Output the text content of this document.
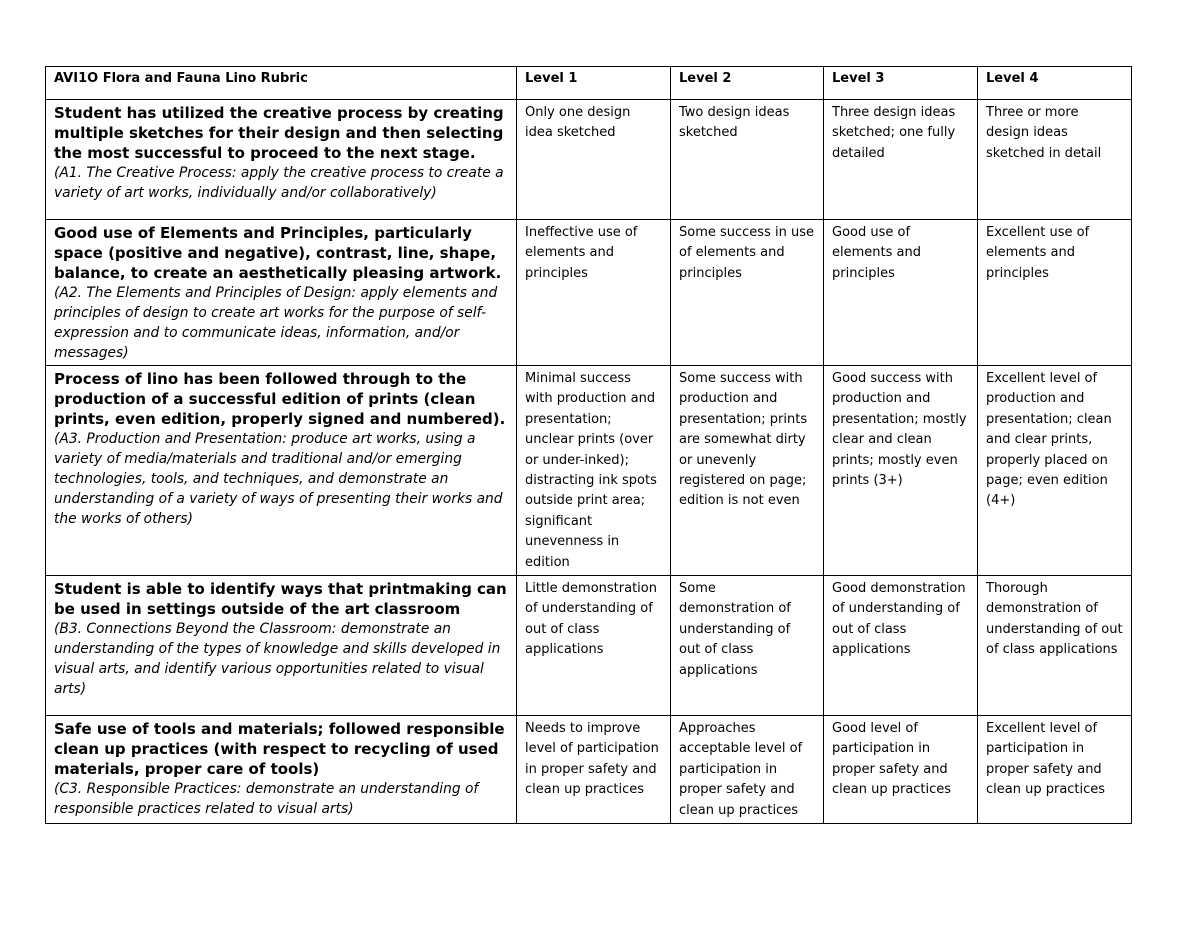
AVI1O Flora and Fauna Lino Rubric	Level 1	Level 2	Level 3	Level 4

Student has utilized the creative process by creating multiple sketches for their design and then selecting the most successful to proceed to the next stage.
(A1. The Creative Process: apply the creative process to create a variety of art works, individually and/or collaboratively)	Only one design idea sketched	Two design ideas sketched	Three design ideas sketched; one fully detailed	Three or more design ideas sketched in detail

Good use of Elements and Principles, particularly space (positive and negative), contrast, line, shape, balance, to create an aesthetically pleasing artwork.
(A2. The Elements and Principles of Design: apply elements and principles of design to create art works for the purpose of self-expression and to communicate ideas, information, and/or messages)	Ineffective use of elements and principles	Some success in use of elements and principles	Good use of elements and principles	Excellent use of elements and principles

Process of lino has been followed through to the production of a successful edition of prints (clean prints, even edition, properly signed and numbered).
(A3. Production and Presentation: produce art works, using a variety of media/materials and traditional and/or emerging technologies, tools, and techniques, and demonstrate an understanding of a variety of ways of presenting their works and the works of others)	Minimal success with production and presentation; unclear prints (over or under-inked); distracting ink spots outside print area; significant unevenness in edition	Some success with production and presentation; prints are somewhat dirty or unevenly registered on page; edition is not even	Good success with production and presentation; mostly clear and clean prints; mostly even prints (3+)	Excellent level of production and presentation; clean and clear prints, properly placed on page; even edition (4+)

Student is able to identify ways that printmaking can be used in settings outside of the art classroom
(B3. Connections Beyond the Classroom: demonstrate an understanding of the types of knowledge and skills developed in visual arts, and identify various opportunities related to visual arts)	Little demonstration of understanding of out of class applications	Some demonstration of understanding of out of class applications	Good demonstration of understanding of out of class applications	Thorough demonstration of understanding of out of class applications

Safe use of tools and materials; followed responsible clean up practices (with respect to recycling of used materials, proper care of tools)
(C3. Responsible Practices: demonstrate an understanding of responsible practices related to visual arts)	Needs to improve level of participation in proper safety and clean up practices	Approaches acceptable level of participation in proper safety and clean up practices	Good level of participation in proper safety and clean up practices	Excellent level of participation in proper safety and clean up practices
